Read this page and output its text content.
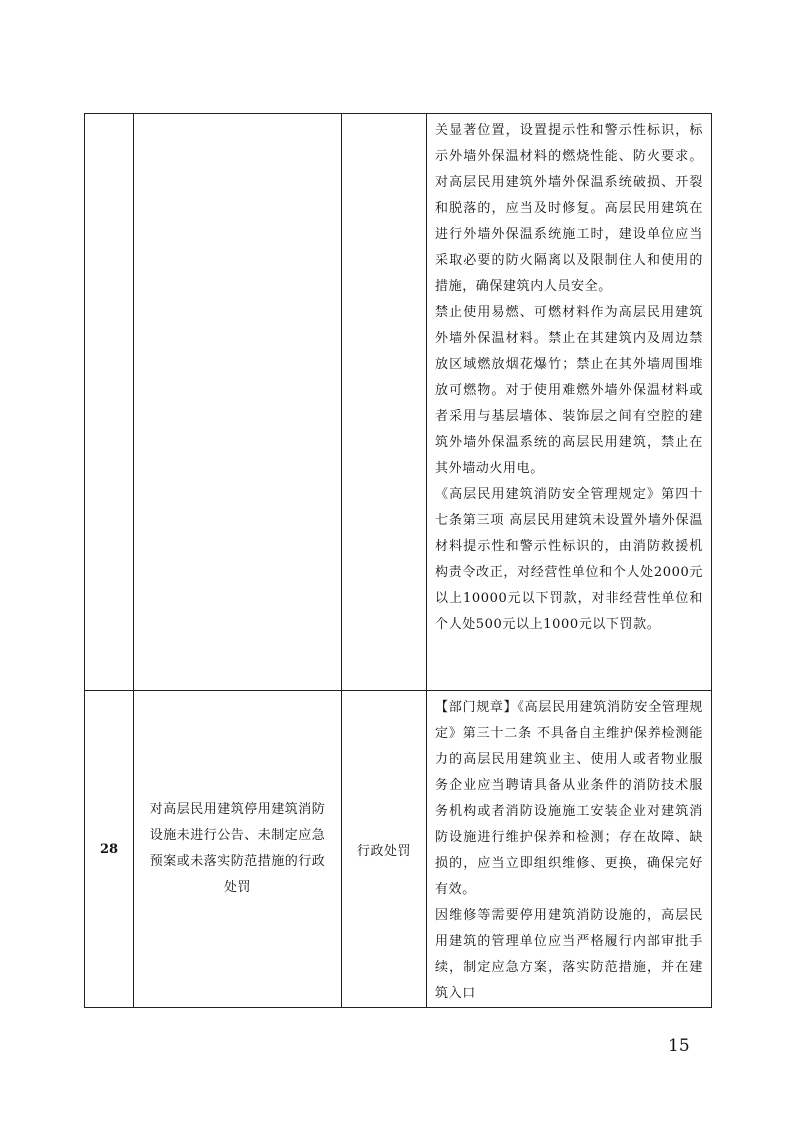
			关显著位置，设置提示性和警示性标识，标示外墙外保温材料的燃烧性能、防火要求。对高层民用建筑外墙外保温系统破损、开裂和脱落的，应当及时修复。高层民用建筑在进行外墙外保温系统施工时，建设单位应当采取必要的防火隔离以及限制住人和使用的措施，确保建筑内人员安全。

禁止使用易燃、可燃材料作为高层民用建筑外墙外保温材料。禁止在其建筑内及周边禁放区域燃放烟花爆竹；禁止在其外墙周围堆放可燃物。对于使用难燃外墙外保温材料或者采用与基层墙体、装饰层之间有空腔的建筑外墙外保温系统的高层民用建筑，禁止在其外墙动火用电。

《高层民用建筑消防安全管理规定》第四十七条第三项 高层民用建筑未设置外墙外保温材料提示性和警示性标识的，由消防救援机构责令改正，对经营性单位和个人处2000元以上10000元以下罚款，对非经营性单位和个人处500元以上1000元以下罚款。

28	对高层民用建筑停用建筑消防设施未进行公告、未制定应急预案或未落实防范措施的行政处罚	行政处罚	【部门规章】《高层民用建筑消防安全管理规定》第三十二条 不具备自主维护保养检测能力的高层民用建筑业主、使用人或者物业服务企业应当聘请具备从业条件的消防技术服务机构或者消防设施施工安装企业对建筑消防设施进行维护保养和检测；存在故障、缺损的，应当立即组织维修、更换，确保完好有效。

因维修等需要停用建筑消防设施的，高层民用建筑的管理单位应当严格履行内部审批手续，制定应急方案，落实防范措施，并在建筑入口

15
